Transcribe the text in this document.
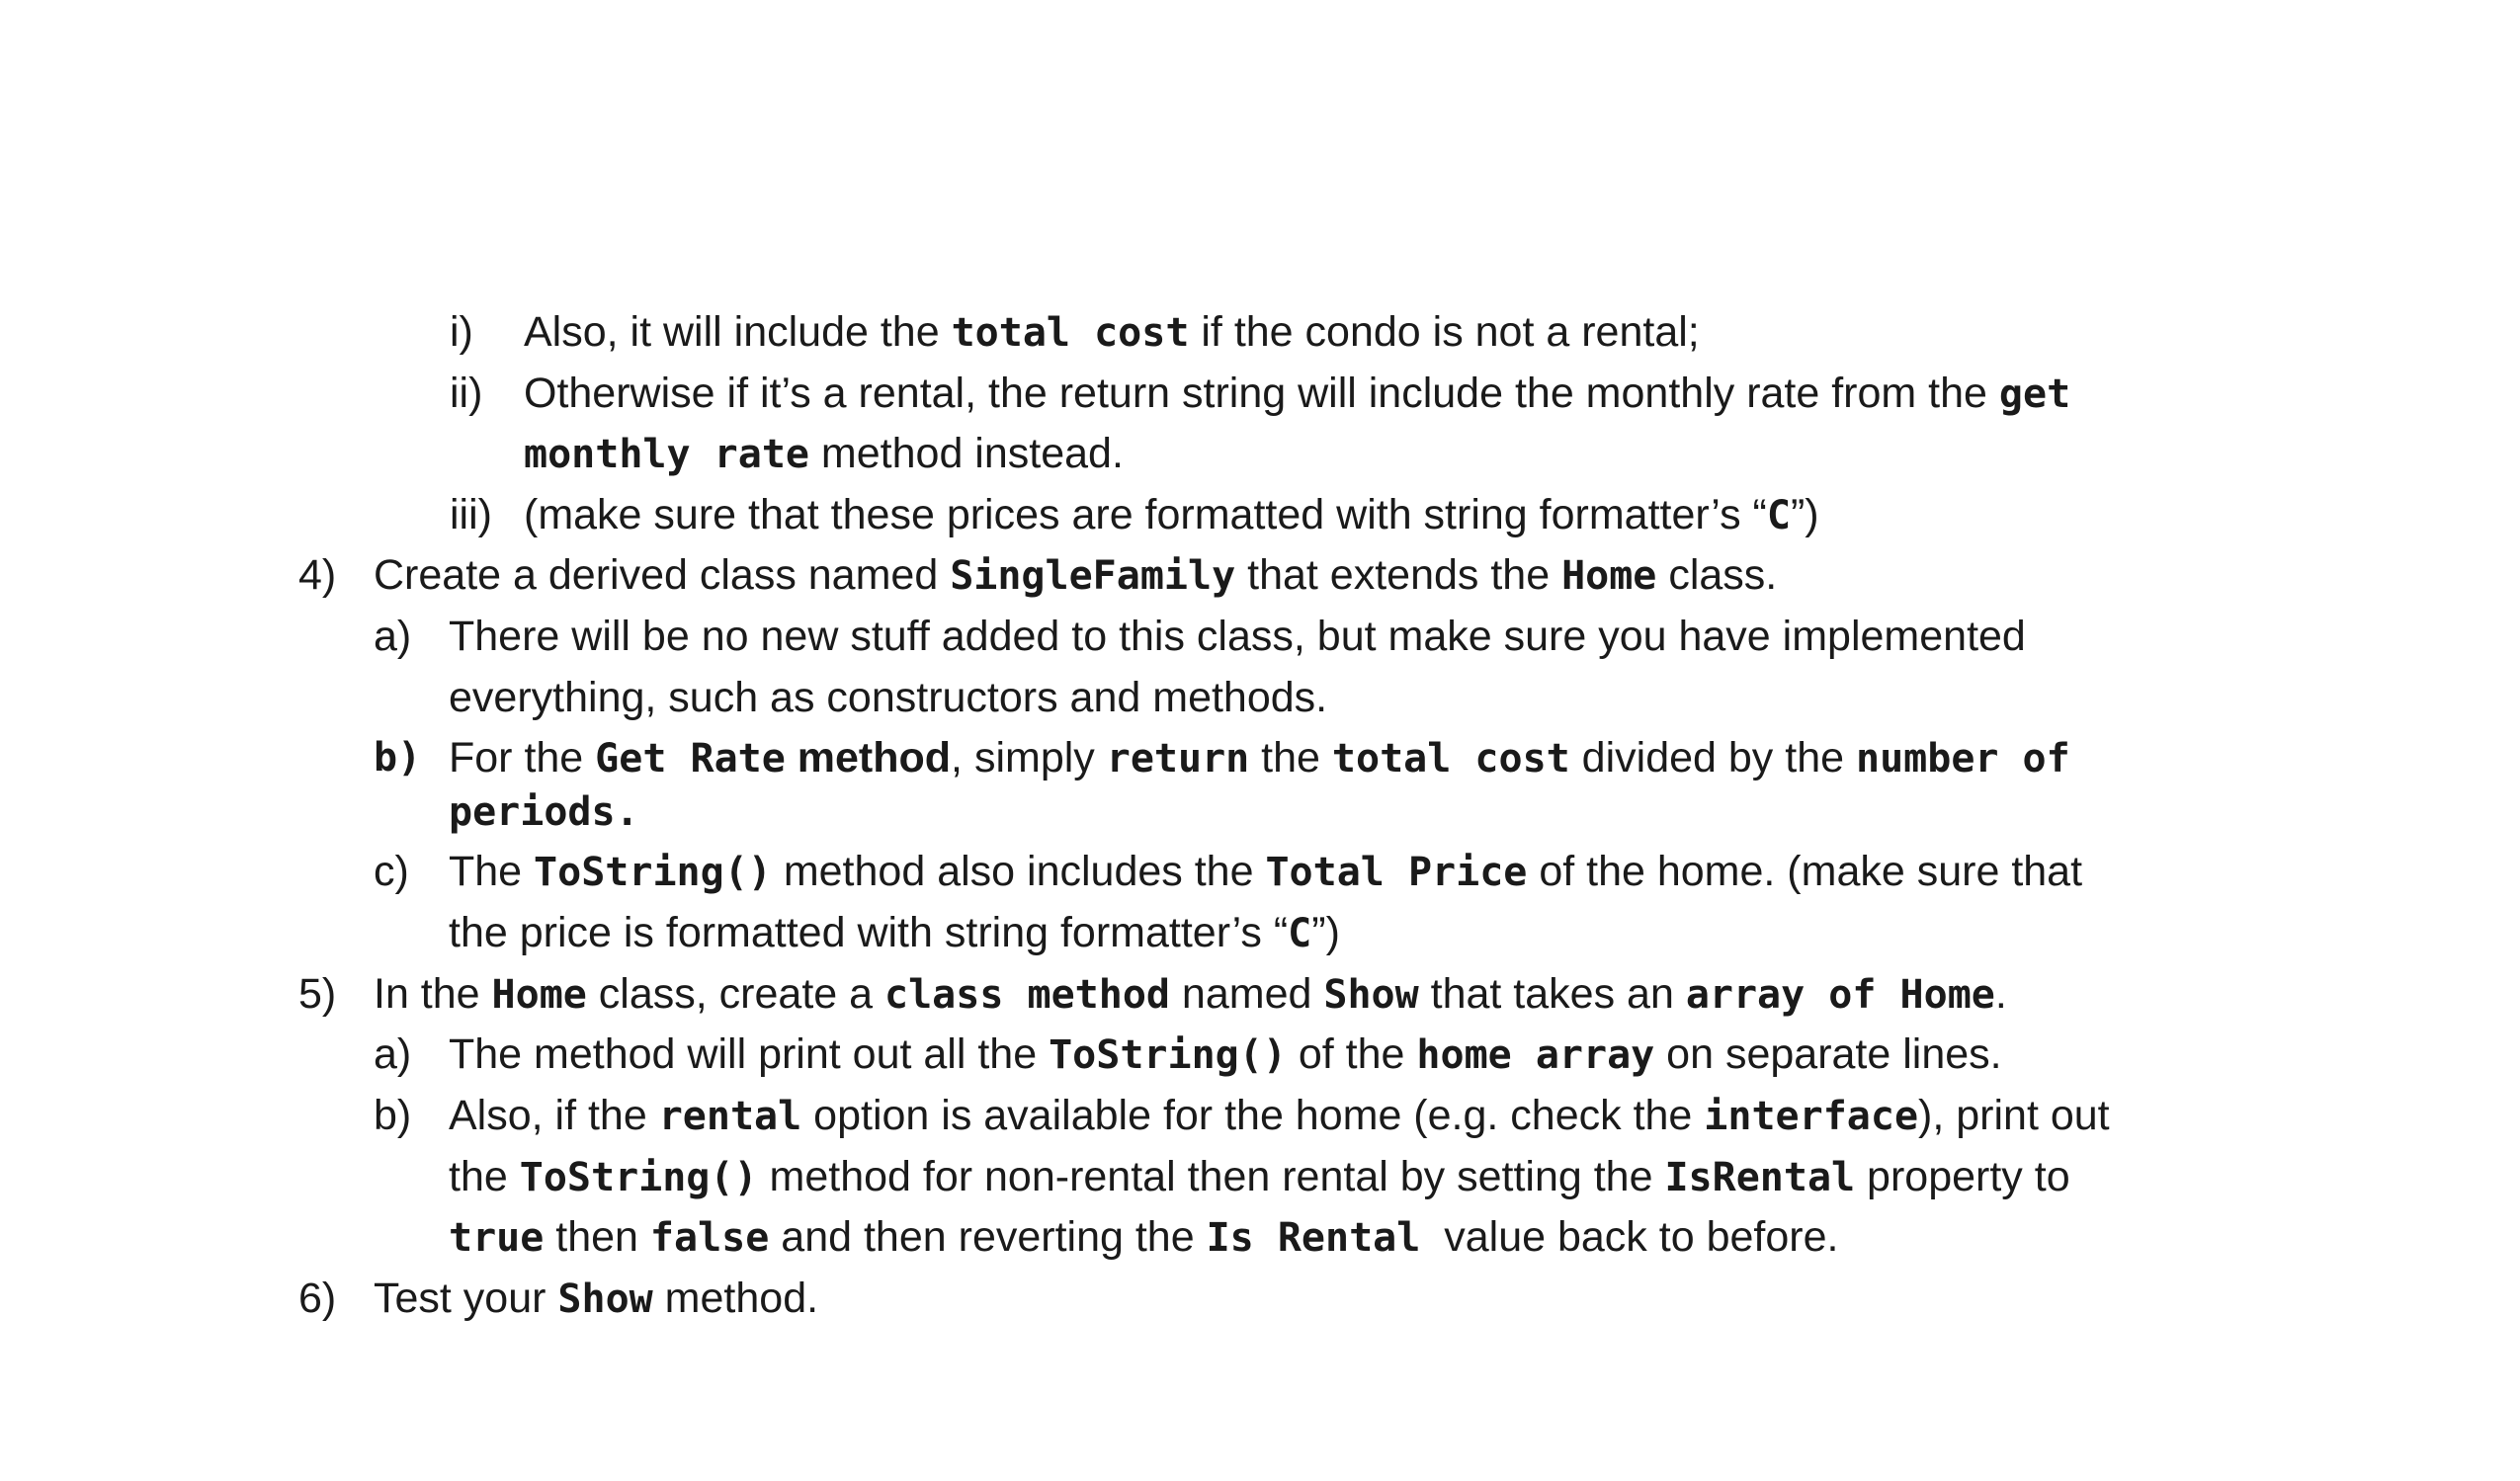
i) Also, it will include the total cost if the condo is not a rental;
ii) Otherwise if it’s a rental, the return string will include the monthly rate from the get
monthly rate method instead.
iii) (make sure that these prices are formatted with string formatter’s “C”)
4) Create a derived class named SingleFamily that extends the Home class.
a) There will be no new stuff added to this class, but make sure you have implemented
everything, such as constructors and methods.
b) For the Get Rate method, simply return the total cost divided by the number of
periods.
c) The ToString() method also includes the Total Price of the home. (make sure that
the price is formatted with string formatter’s “C”)
5) In the Home class, create a class method named Show that takes an array of Home.
a) The method will print out all the ToString() of the home array on separate lines.
b) Also, if the rental option is available for the home (e.g. check the interface), print out
the ToString() method for non-rental then rental by setting the IsRental property to
true then false and then reverting the Is Rental  value back to before.
6) Test your Show method.
